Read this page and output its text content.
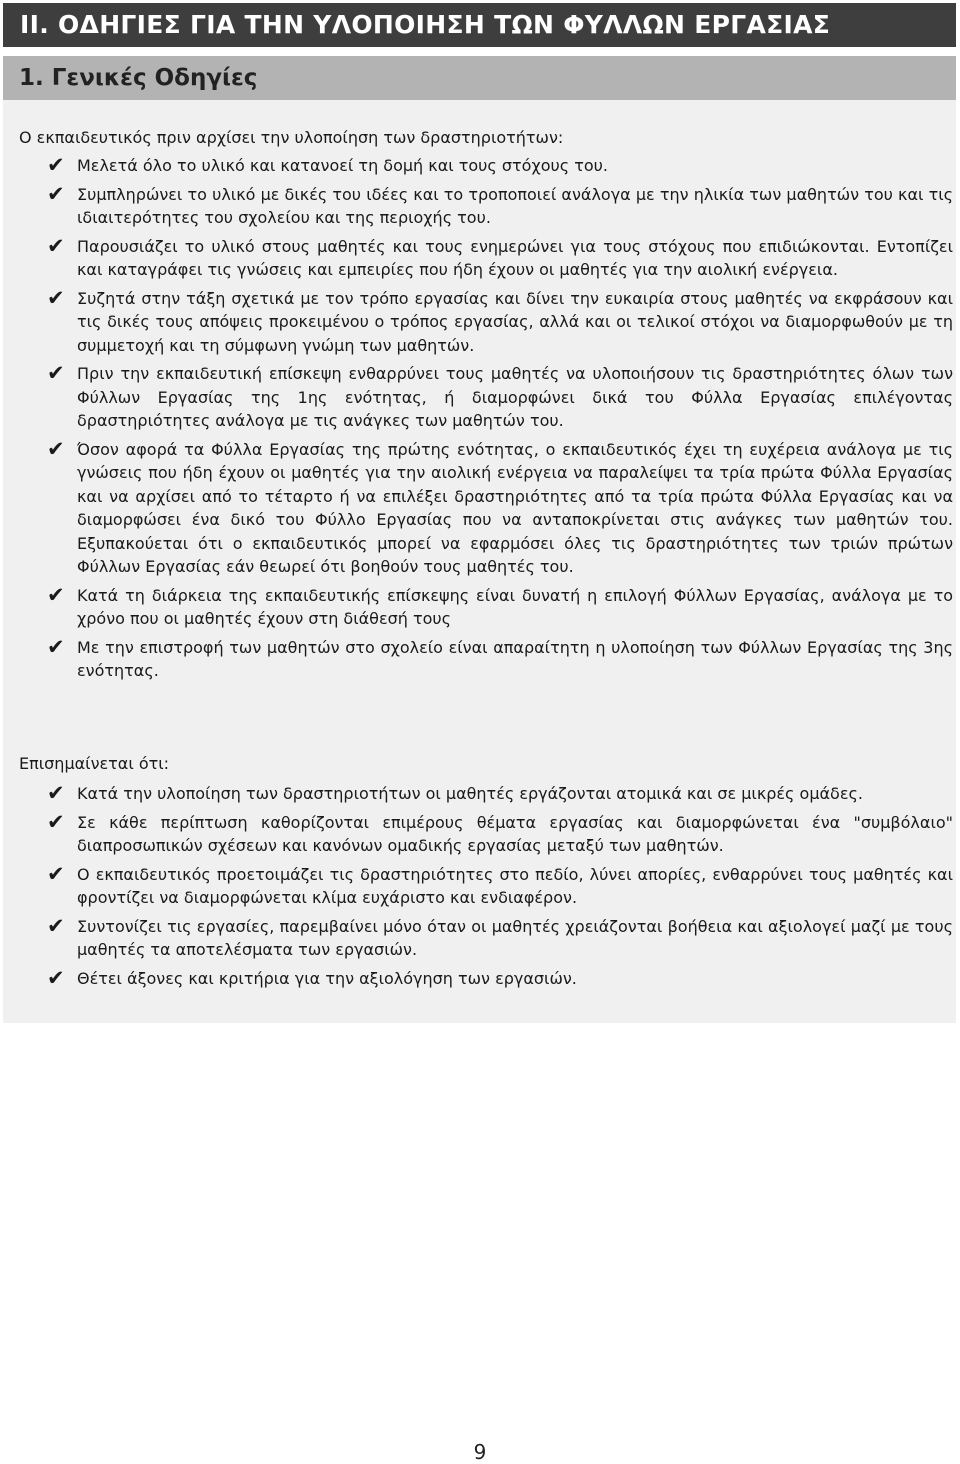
II. ΟΔΗΓΙΕΣ ΓΙΑ ΤΗΝ ΥΛΟΠΟΙΗΣΗ ΤΩΝ ΦΥΛΛΩΝ ΕΡΓΑΣΙΑΣ
1. Γενικές Οδηγίες

Ο εκπαιδευτικός πριν αρχίσει την υλοποίηση των δραστηριοτήτων:

✔ Μελετά όλο το υλικό και κατανοεί τη δομή και τους στόχους του.
✔ Συμπληρώνει το υλικό με δικές του ιδέες και το τροποποιεί ανάλογα με την ηλικία των μαθητών του και τις ιδιαιτερότητες του σχολείου και της περιοχής του.
✔ Παρουσιάζει το υλικό στους μαθητές και τους ενημερώνει για τους στόχους που επιδιώκονται. Εντοπίζει και καταγράφει τις γνώσεις και εμπειρίες που ήδη έχουν οι μαθητές για την αιολική ενέργεια.
✔ Συζητά στην τάξη σχετικά με τον τρόπο εργασίας και δίνει την ευκαιρία στους μαθητές να εκφράσουν και τις δικές τους απόψεις προκειμένου ο τρόπος εργασίας, αλλά και οι τελικοί στόχοι να διαμορφωθούν με τη συμμετοχή και τη σύμφωνη γνώμη των μαθητών.
✔ Πριν την εκπαιδευτική επίσκεψη ενθαρρύνει τους μαθητές να υλοποιήσουν τις δραστηριότητες όλων των Φύλλων Εργασίας της 1ης ενότητας, ή διαμορφώνει δικά του Φύλλα Εργασίας επιλέγοντας δραστηριότητες ανάλογα με τις ανάγκες των μαθητών του.
✔ Όσον αφορά τα Φύλλα Εργασίας της πρώτης ενότητας, ο εκπαιδευτικός έχει τη ευχέρεια ανάλογα με τις γνώσεις που ήδη έχουν οι μαθητές για την αιολική ενέργεια να παραλείψει τα τρία πρώτα Φύλλα Εργασίας και να αρχίσει από το τέταρτο ή να επιλέξει δραστηριότητες από τα τρία πρώτα Φύλλα Εργασίας και να διαμορφώσει ένα δικό του Φύλλο Εργασίας που να ανταποκρίνεται στις ανάγκες των μαθητών του. Εξυπακούεται ότι ο εκπαιδευτικός μπορεί να εφαρμόσει όλες τις δραστηριότητες των τριών πρώτων Φύλλων Εργασίας εάν θεωρεί ότι βοηθούν τους μαθητές του.
✔ Κατά τη διάρκεια της εκπαιδευτικής επίσκεψης είναι δυνατή η επιλογή Φύλλων Εργασίας, ανάλογα με το χρόνο που οι μαθητές έχουν στη διάθεσή τους
✔ Με την επιστροφή των μαθητών στο σχολείο είναι απαραίτητη η υλοποίηση των Φύλλων Εργασίας της 3ης ενότητας.

Επισημαίνεται ότι:

✔ Κατά την υλοποίηση των δραστηριοτήτων οι μαθητές εργάζονται ατομικά και σε μικρές ομάδες.
✔ Σε κάθε περίπτωση καθορίζονται επιμέρους θέματα εργασίας και διαμορφώνεται ένα "συμβόλαιο" διαπροσωπικών σχέσεων και κανόνων ομαδικής εργασίας μεταξύ των μαθητών.
✔ Ο εκπαιδευτικός προετοιμάζει τις δραστηριότητες στο πεδίο, λύνει απορίες, ενθαρρύνει τους μαθητές και φροντίζει να διαμορφώνεται κλίμα ευχάριστο και ενδιαφέρον.
✔ Συντονίζει τις εργασίες, παρεμβαίνει μόνο όταν οι μαθητές χρειάζονται βοήθεια και αξιολογεί μαζί με τους μαθητές τα αποτελέσματα των εργασιών.
✔ Θέτει άξονες και κριτήρια για την αξιολόγηση των εργασιών.
9
